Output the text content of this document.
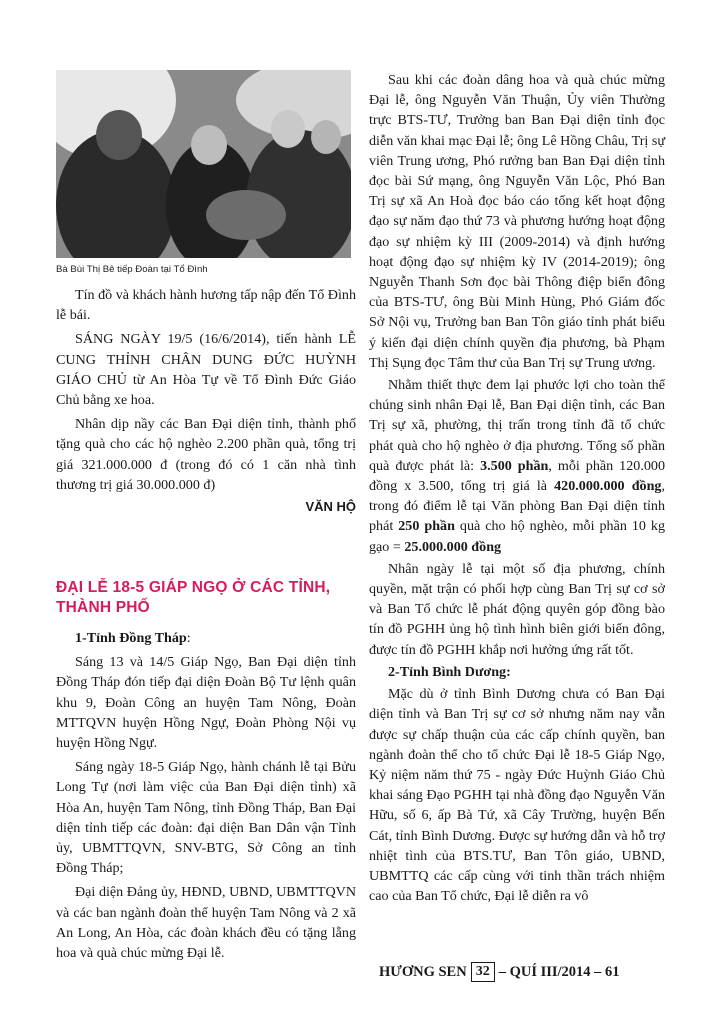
Bà Bùi Thị Bê tiếp Đoàn tại Tổ Đình

Tín đồ và khách hành hương tấp nập đến Tổ Đình lễ bái.

SÁNG NGÀY 19/5 (16/6/2014), tiến hành LỄ CUNG THỈNH CHÂN DUNG ĐỨC HUỲNH GIÁO CHỦ từ An Hòa Tự về Tổ Đình Đức Giáo Chủ bằng xe hoa.

Nhân dịp nầy các Ban Đại diện tỉnh, thành phố tặng quà cho các hộ nghèo 2.200 phần quà, tổng trị giá 321.000.000 đ (trong đó có 1 căn nhà tình thương trị giá 30.000.000 đ)

VĂN HỘ
ĐẠI LỄ 18-5 GIÁP NGỌ Ở CÁC TỈNH, THÀNH PHỐ

1-Tỉnh Đồng Tháp:

Sáng 13 và 14/5 Giáp Ngọ, Ban Đại diện tỉnh Đồng Tháp đón tiếp đại diện Đoàn Bộ Tư lệnh quân khu 9, Đoàn Công an huyện Tam Nông, Đoàn MTTQVN huyện Hồng Ngự, Đoàn Phòng Nội vụ huyện Hồng Ngự.

Sáng ngày 18-5 Giáp Ngọ, hành chánh lễ tại Bửu Long Tự (nơi làm việc của Ban Đại diện tỉnh) xã Hòa An, huyện Tam Nông, tỉnh Đồng Tháp, Ban Đại diện tỉnh tiếp các đoàn: đại diện Ban Dân vận Tỉnh ủy, UBMTTQVN, SNV-BTG, Sở Công an tỉnh Đồng Tháp;

Đại diện Đảng ủy, HĐND, UBND, UBMTTQVN và các ban ngành đoàn thể huyện Tam Nông và 2 xã An Long, An Hòa, các đoàn khách đều có tặng lẵng hoa và quà chúc mừng Đại lễ.

Sau khi các đoàn dâng hoa và quà chúc mừng Đại lễ, ông Nguyễn Văn Thuận, Ủy viên Thường trực BTS-TƯ, Trưởng ban Ban Đại diện tỉnh đọc diễn văn khai mạc Đại lễ; ông Lê Hồng Châu, Trị sự viên Trung ương, Phó rưởng ban Ban Đại diện tỉnh đọc bài Sứ mạng, ông Nguyễn Văn Lộc, Phó Ban Trị sự xã An Hoà đọc báo cáo tổng kết hoạt động đạo sự năm đạo thứ 73 và phương hướng hoạt động đạo sự nhiệm kỳ III (2009-2014) và định hướng hoạt động đạo sự nhiệm kỳ IV (2014-2019); ông Nguyễn Thanh Sơn đọc bài Thông điệp biển đông của BTS-TƯ, ông Bùi Minh Hùng, Phó Giám đốc Sở Nội vụ, Trưởng ban Ban Tôn giáo tỉnh phát biểu ý kiến đại diện chính quyền địa phương, bà Phạm Thị Sụng đọc Tâm thư của Ban Trị sự Trung ương.

Nhằm thiết thực đem lại phước lợi cho toàn thể chúng sinh nhân Đại lễ, Ban Đại diện tỉnh, các Ban Trị sự xã, phường, thị trấn trong tỉnh đã tổ chức phát quà cho hộ nghèo ở địa phương. Tổng số phần quà được phát là: 3.500 phần, mỗi phần 120.000 đồng x 3.500, tổng trị giá là 420.000.000 đồng, trong đó điểm lễ tại Văn phòng Ban Đại diện tỉnh phát 250 phần quà cho hộ nghèo, mỗi phần 10 kg gạo = 25.000.000 đồng

Nhân ngày lễ tại một số địa phương, chính quyền, mặt trận có phối hợp cùng Ban Trị sự cơ sở và Ban Tổ chức lễ phát động quyên góp đồng bào tín đồ PGHH ủng hộ tình hình biên giới biển đông, được tín đồ PGHH khắp nơi hưởng ứng rất tốt.

2-Tỉnh Bình Dương:

Mặc dù ở tỉnh Bình Dương chưa có Ban Đại diện tỉnh và Ban Trị sự cơ sở nhưng năm nay vẫn được sự chấp thuận của các cấp chính quyền, ban ngành đoàn thể cho tổ chức Đại lễ 18-5 Giáp Ngọ, Kỷ niệm năm thứ 75 - ngày Đức Huỳnh Giáo Chủ khai sáng Đạo PGHH tại nhà đồng đạo Nguyễn Văn Hữu, số 6, ấp Bà Tứ, xã Cây Trường, huyện Bến Cát, tỉnh Bình Dương. Được sự hướng dẫn và hỗ trợ nhiệt tình của BTS.TƯ, Ban Tôn giáo, UBND, UBMTTQ các cấp cùng với tinh thần trách nhiệm cao của Ban Tổ chức, Đại lễ diễn ra vô

HƯƠNG SEN 32 – QUÍ III/2014 – 61
